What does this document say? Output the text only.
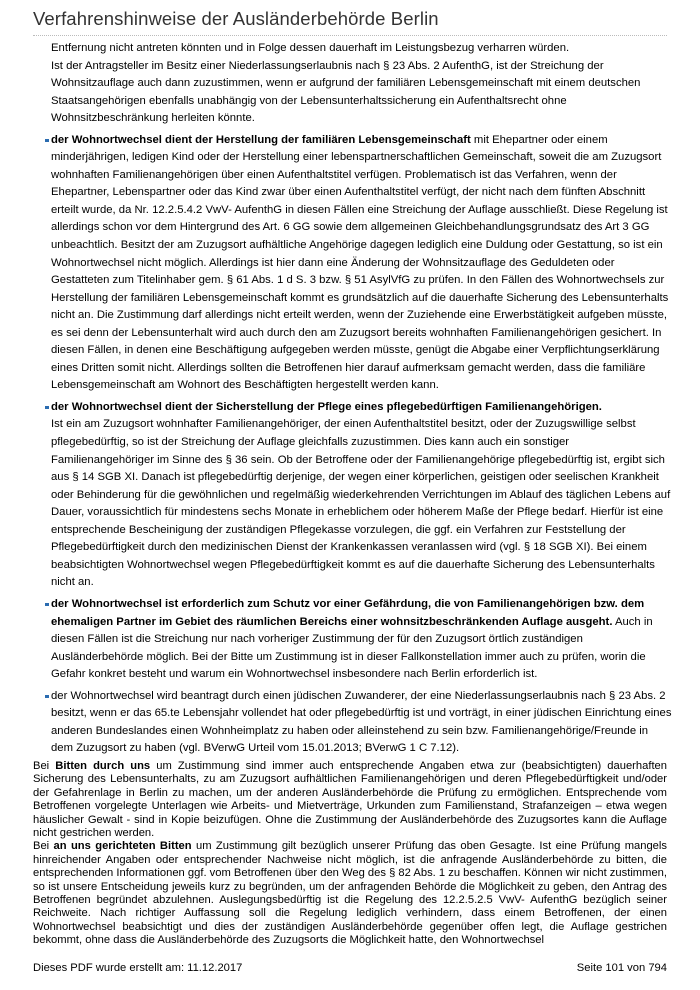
Verfahrenshinweise der Ausländerbehörde Berlin
Entfernung nicht antreten könnten und in Folge dessen dauerhaft im Leistungsbezug verharren würden.
Ist der Antragsteller im Besitz einer Niederlassungserlaubnis nach § 23 Abs. 2 AufenthG, ist der Streichung der Wohnsitzauflage auch dann zuzustimmen, wenn er aufgrund der familiären Lebensgemeinschaft mit einem deutschen Staatsangehörigen ebenfalls unabhängig von der Lebensunterhaltssicherung ein Aufenthaltsrecht ohne Wohnsitzbeschränkung herleiten könnte.
der Wohnortwechsel dient der Herstellung der familiären Lebensgemeinschaft mit Ehepartner oder einem minderjährigen, ledigen Kind oder der Herstellung einer lebenspartnerschaftlichen Gemeinschaft, soweit die am Zuzugsort wohnhaften Familienangehörigen über einen Aufenthaltstitel verfügen. Problematisch ist das Verfahren, wenn der Ehepartner, Lebenspartner oder das Kind zwar über einen Aufenthaltstitel verfügt, der nicht nach dem fünften Abschnitt erteilt wurde, da Nr. 12.2.5.4.2 VwV- AufenthG in diesen Fällen eine Streichung der Auflage ausschließt. Diese Regelung ist allerdings schon vor dem Hintergrund des Art. 6 GG sowie dem allgemeinen Gleichbehandlungsgrundsatz des Art 3 GG unbeachtlich. Besitzt der am Zuzugsort aufhältliche Angehörige dagegen lediglich eine Duldung oder Gestattung, so ist ein Wohnortwechsel nicht möglich. Allerdings ist hier dann eine Änderung der Wohnsitzauflage des Geduldeten oder Gestatteten zum Titelinhaber gem. § 61 Abs. 1 d S. 3 bzw. § 51 AsylVfG zu prüfen. In den Fällen des Wohnortwechsels zur Herstellung der familiären Lebensgemeinschaft kommt es grundsätzlich auf die dauerhafte Sicherung des Lebensunterhalts nicht an. Die Zustimmung darf allerdings nicht erteilt werden, wenn der Zuziehende eine Erwerbstätigkeit aufgeben müsste, es sei denn der Lebensunterhalt wird auch durch den am Zuzugsort bereits wohnhaften Familienangehörigen gesichert. In diesen Fällen, in denen eine Beschäftigung aufgegeben werden müsste, genügt die Abgabe einer Verpflichtungserklärung eines Dritten somit nicht. Allerdings sollten die Betroffenen hier darauf aufmerksam gemacht werden, dass die familiäre Lebensgemeinschaft am Wohnort des Beschäftigten hergestellt werden kann.
der Wohnortwechsel dient der Sicherstellung der Pflege eines pflegebedürftigen Familienangehörigen.
Ist ein am Zuzugsort wohnhafter Familienangehöriger, der einen Aufenthaltstitel besitzt, oder der Zuzugswillige selbst pflegebedürftig, so ist der Streichung der Auflage gleichfalls zuzustimmen. Dies kann auch ein sonstiger Familienangehöriger im Sinne des § 36 sein. Ob der Betroffene oder der Familienangehörige pflegebedürftig ist, ergibt sich aus § 14 SGB XI. Danach ist pflegebedürftig derjenige, der wegen einer körperlichen, geistigen oder seelischen Krankheit oder Behinderung für die gewöhnlichen und regelmäßig wiederkehrenden Verrichtungen im Ablauf des täglichen Lebens auf Dauer, voraussichtlich für mindestens sechs Monate in erheblichem oder höherem Maße der Pflege bedarf. Hierfür ist eine entsprechende Bescheinigung der zuständigen Pflegekasse vorzulegen, die ggf. ein Verfahren zur Feststellung der Pflegebedürftigkeit durch den medizinischen Dienst der Krankenkassen veranlassen wird (vgl. § 18 SGB XI). Bei einem beabsichtigten Wohnortwechsel wegen Pflegebedürftigkeit kommt es auf die dauerhafte Sicherung des Lebensunterhalts nicht an.
der Wohnortwechsel ist erforderlich zum Schutz vor einer Gefährdung, die von Familienangehörigen bzw. dem ehemaligen Partner im Gebiet des räumlichen Bereichs einer wohnsitzbeschränkenden Auflage ausgeht. Auch in diesen Fällen ist die Streichung nur nach vorheriger Zustimmung der für den Zuzugsort örtlich zuständigen Ausländerbehörde möglich. Bei der Bitte um Zustimmung ist in dieser Fallkonstellation immer auch zu prüfen, worin die Gefahr konkret besteht und warum ein Wohnortwechsel insbesondere nach Berlin erforderlich ist.
der Wohnortwechsel wird beantragt durch einen jüdischen Zuwanderer, der eine Niederlassungserlaubnis nach § 23 Abs. 2 besitzt, wenn er das 65.te Lebensjahr vollendet hat oder pflegebedürftig ist und vorträgt, in einer jüdischen Einrichtung eines anderen Bundeslandes einen Wohnheimplatz zu haben oder alleinstehend zu sein bzw. Familienangehörige/Freunde in dem Zuzugsort zu haben (vgl. BVerwG Urteil vom 15.01.2013; BVerwG 1 C 7.12).
Bei Bitten durch uns um Zustimmung sind immer auch entsprechende Angaben etwa zur (beabsichtigten) dauerhaften Sicherung des Lebensunterhalts, zu am Zuzugsort aufhältlichen Familienangehörigen und deren Pflegebedürftigkeit und/oder der Gefahrenlage in Berlin zu machen, um der anderen Ausländerbehörde die Prüfung zu ermöglichen. Entsprechende vom Betroffenen vorgelegte Unterlagen wie Arbeits- und Mietverträge, Urkunden zum Familienstand, Strafanzeigen – etwa wegen häuslicher Gewalt - sind in Kopie beizufügen. Ohne die Zustimmung der Ausländerbehörde des Zuzugsortes kann die Auflage nicht gestrichen werden.
Bei an uns gerichteten Bitten um Zustimmung gilt bezüglich unserer Prüfung das oben Gesagte. Ist eine Prüfung mangels hinreichender Angaben oder entsprechender Nachweise nicht möglich, ist die anfragende Ausländerbehörde zu bitten, die entsprechenden Informationen ggf. vom Betroffenen über den Weg des § 82 Abs. 1 zu beschaffen. Können wir nicht zustimmen, so ist unsere Entscheidung jeweils kurz zu begründen, um der anfragenden Behörde die Möglichkeit zu geben, den Antrag des Betroffenen begründet abzulehnen. Auslegungsbedürftig ist die Regelung des 12.2.5.2.5 VwV- AufenthG bezüglich seiner Reichweite. Nach richtiger Auffassung soll die Regelung lediglich verhindern, dass einem Betroffenen, der einen Wohnortwechsel beabsichtigt und dies der zuständigen Ausländerbehörde gegenüber offen legt, die Auflage gestrichen bekommt, ohne dass die Ausländerbehörde des Zuzugsorts die Möglichkeit hatte, den Wohnortwechsel
Dieses PDF wurde erstellt am: 11.12.2017	Seite 101 von 794
